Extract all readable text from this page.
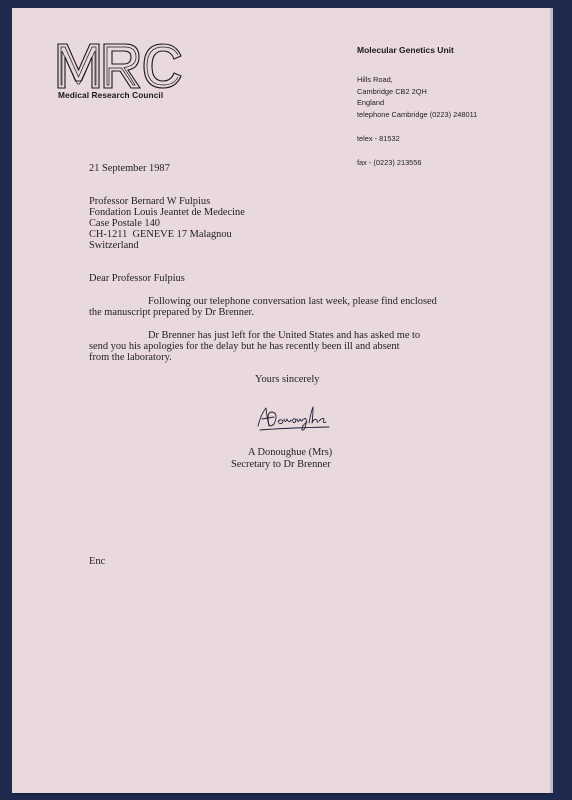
Medical Research Council
Molecular Genetics Unit
Hills Road,
Cambridge CB2 2QH
England
telephone Cambridge (0223) 248011
telex - 81532
fax - (0223) 213556
21 September 1987
Professor Bernard W Fulpius
Fondation Louis Jeantet de Medecine
Case Postale 140
CH-1211  GENEVE 17 Malagnou
Switzerland
Dear Professor Fulpius
Following our telephone conversation last week, please find enclosed
the manuscript prepared by Dr Brenner.
Dr Brenner has just left for the United States and has asked me to
send you his apologies for the delay but he has recently been ill and absent
from the laboratory.
Yours sincerely
A Donoughue (Mrs)
Secretary to Dr Brenner
Enc
